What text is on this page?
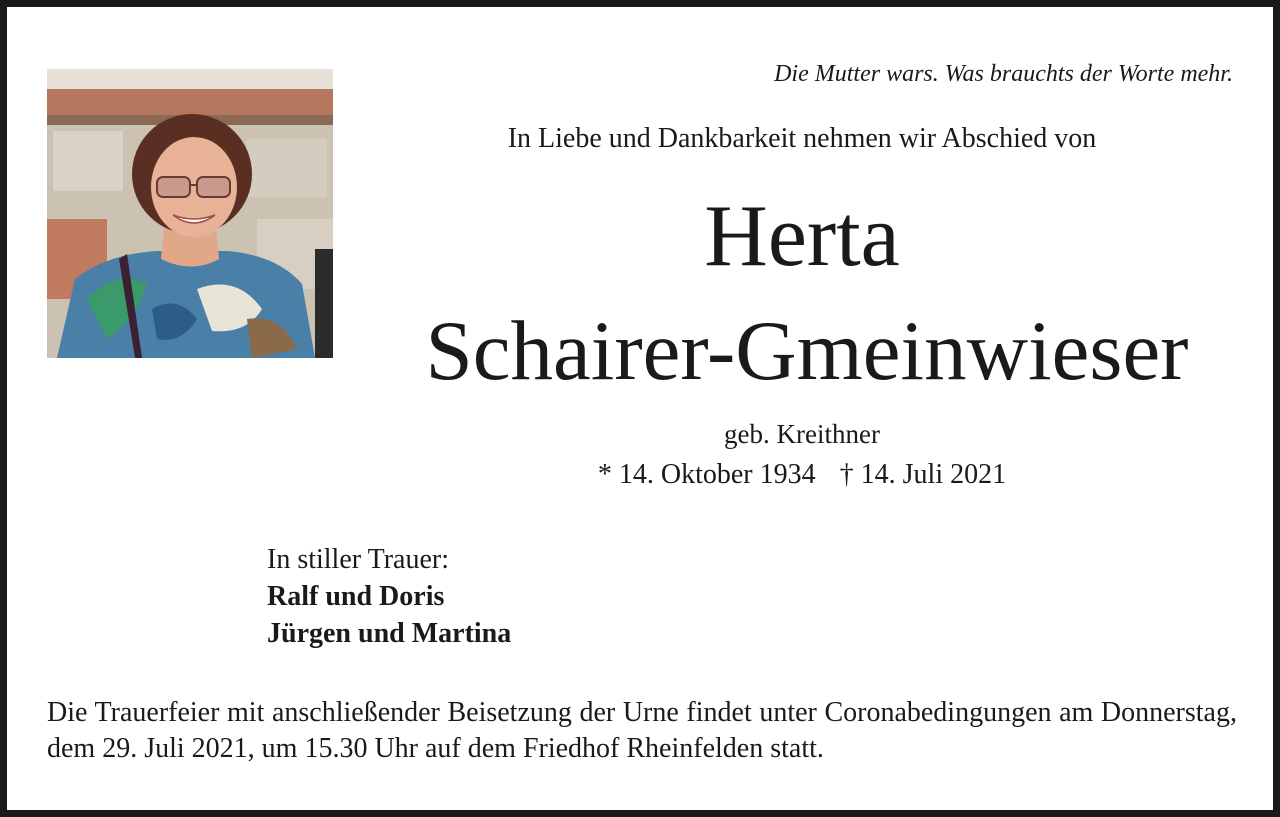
Die Mutter wars. Was brauchts der Worte mehr.
In Liebe und Dankbarkeit nehmen wir Abschied von
Herta
Schairer-Gmeinwieser
geb. Kreithner
* 14. Oktober 1934 † 14. Juli 2021
In stiller Trauer:
Ralf und Doris
Jürgen und Martina
Die Trauerfeier mit anschließender Beisetzung der Urne findet unter Coronabedingungen am Donnerstag, dem 29. Juli 2021, um 15.30 Uhr auf dem Friedhof Rheinfelden statt.
